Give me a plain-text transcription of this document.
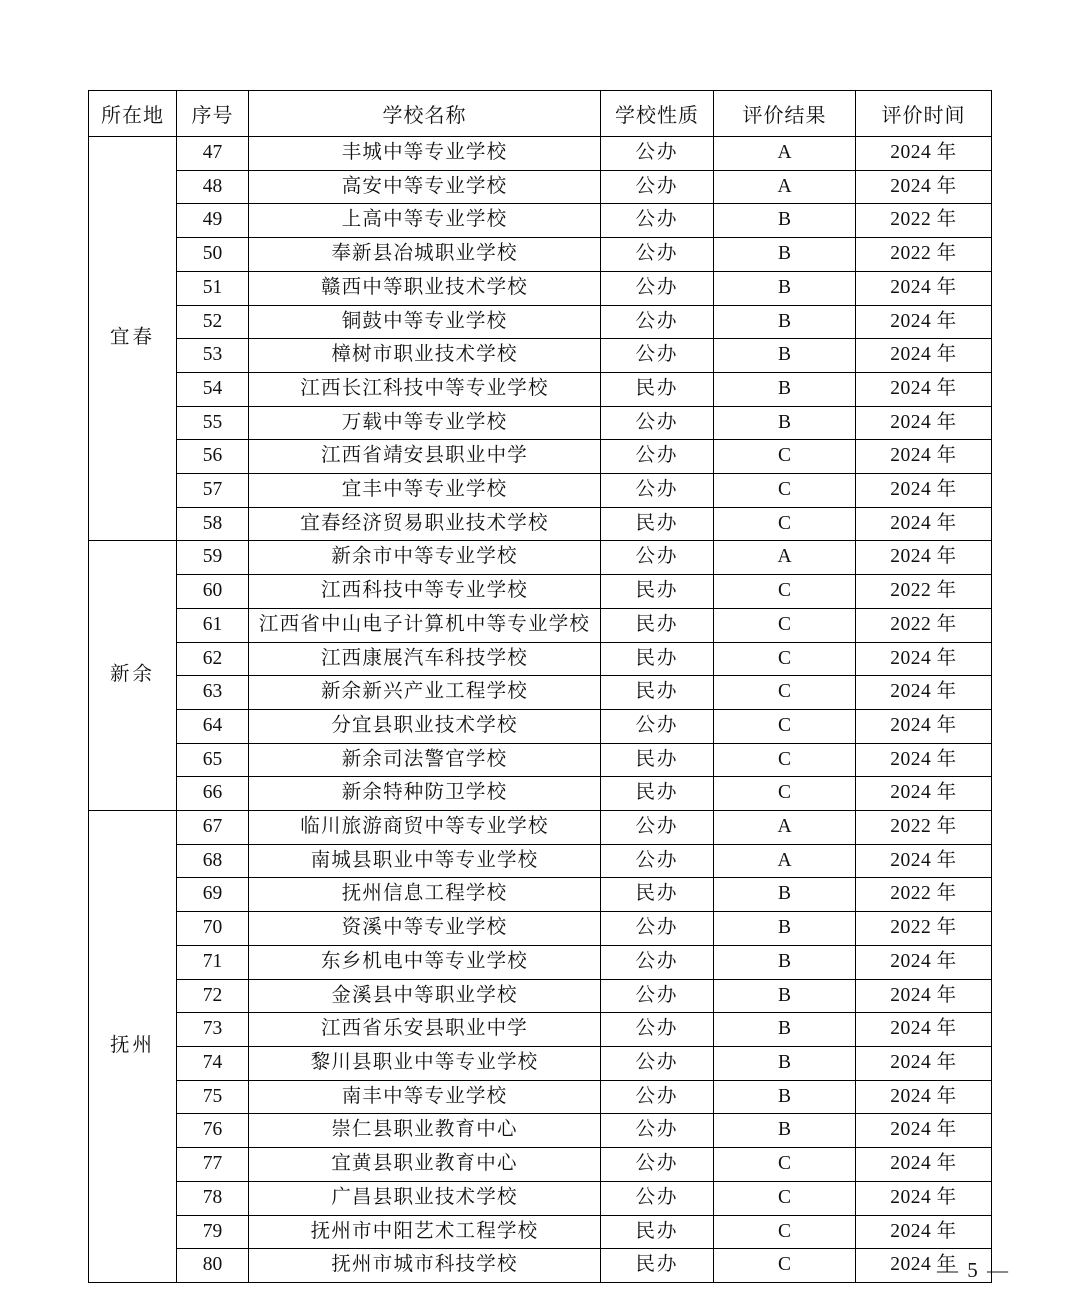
所在地	序号	学校名称	学校性质	评价结果	评价时间
宜春	47	丰城中等专业学校	公办	A	2024 年
	48	高安中等专业学校	公办	A	2024 年
	49	上高中等专业学校	公办	B	2022 年
	50	奉新县冶城职业学校	公办	B	2022 年
	51	赣西中等职业技术学校	公办	B	2024 年
	52	铜鼓中等专业学校	公办	B	2024 年
	53	樟树市职业技术学校	公办	B	2024 年
	54	江西长江科技中等专业学校	民办	B	2024 年
	55	万载中等专业学校	公办	B	2024 年
	56	江西省靖安县职业中学	公办	C	2024 年
	57	宜丰中等专业学校	公办	C	2024 年
	58	宜春经济贸易职业技术学校	民办	C	2024 年
新余	59	新余市中等专业学校	公办	A	2024 年
	60	江西科技中等专业学校	民办	C	2022 年
	61	江西省中山电子计算机中等专业学校	民办	C	2022 年
	62	江西康展汽车科技学校	民办	C	2024 年
	63	新余新兴产业工程学校	民办	C	2024 年
	64	分宜县职业技术学校	公办	C	2024 年
	65	新余司法警官学校	民办	C	2024 年
	66	新余特种防卫学校	民办	C	2024 年
抚州	67	临川旅游商贸中等专业学校	公办	A	2022 年
	68	南城县职业中等专业学校	公办	A	2024 年
	69	抚州信息工程学校	民办	B	2022 年
	70	资溪中等专业学校	公办	B	2022 年
	71	东乡机电中等专业学校	公办	B	2024 年
	72	金溪县中等职业学校	公办	B	2024 年
	73	江西省乐安县职业中学	公办	B	2024 年
	74	黎川县职业中等专业学校	公办	B	2024 年
	75	南丰中等专业学校	公办	B	2024 年
	76	崇仁县职业教育中心	公办	B	2024 年
	77	宜黄县职业教育中心	公办	C	2024 年
	78	广昌县职业技术学校	公办	C	2024 年
	79	抚州市中阳艺术工程学校	民办	C	2024 年
	80	抚州市城市科技学校	民办	C	2024 年
— 5 —
